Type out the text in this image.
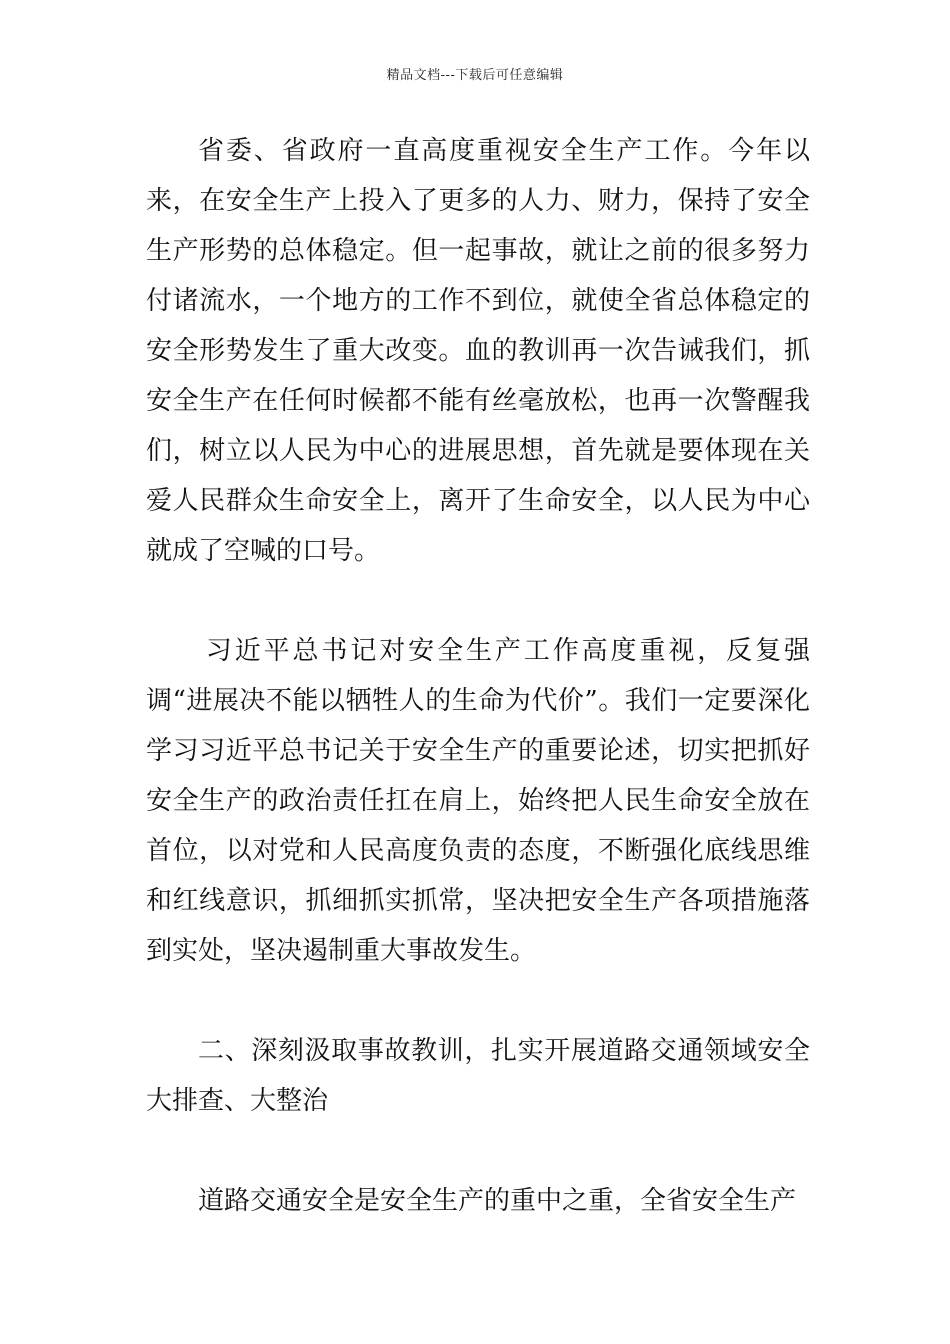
精品文档---下载后可任意编辑

省委、省政府一直高度重视安全生产工作。今年以来，在安全生产上投入了更多的人力、财力，保持了安全生产形势的总体稳定。但一起事故，就让之前的很多努力付诸流水，一个地方的工作不到位，就使全省总体稳定的安全形势发生了重大改变。血的教训再一次告诫我们，抓安全生产在任何时候都不能有丝毫放松，也再一次警醒我们，树立以人民为中心的进展思想，首先就是要体现在关爱人民群众生命安全上，离开了生命安全，以人民为中心就成了空喊的口号。

习近平总书记对安全生产工作高度重视，反复强调“进展决不能以牺牲人的生命为代价”。我们一定要深化学习习近平总书记关于安全生产的重要论述，切实把抓好安全生产的政治责任扛在肩上，始终把人民生命安全放在首位，以对党和人民高度负责的态度，不断强化底线思维和红线意识，抓细抓实抓常，坚决把安全生产各项措施落到实处，坚决遏制重大事故发生。

二、深刻汲取事故教训，扎实开展道路交通领域安全大排查、大整治

道路交通安全是安全生产的重中之重，全省安全生产
